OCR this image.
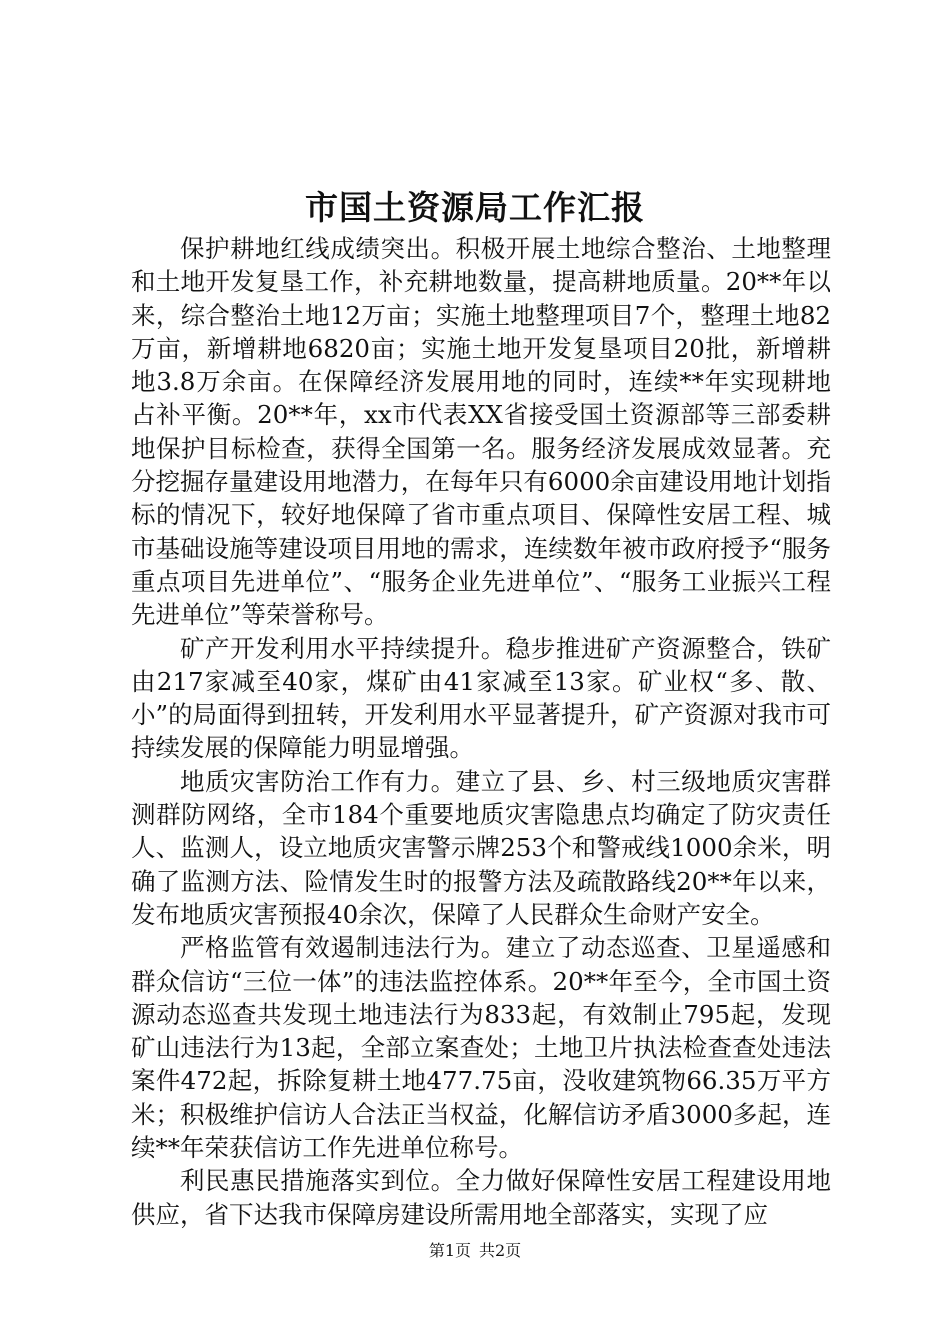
市国土资源局工作汇报

保护耕地红线成绩突出。积极开展土地综合整治、土地整理和土地开发复垦工作，补充耕地数量，提高耕地质量。20**年以来，综合整治土地12万亩；实施土地整理项目7个，整理土地82万亩，新增耕地6820亩；实施土地开发复垦项目20批，新增耕地3.8万余亩。在保障经济发展用地的同时，连续**年实现耕地占补平衡。20**年，xx市代表XX省接受国土资源部等三部委耕地保护目标检查，获得全国第一名。服务经济发展成效显著。充分挖掘存量建设用地潜力，在每年只有6000余亩建设用地计划指标的情况下，较好地保障了省市重点项目、保障性安居工程、城市基础设施等建设项目用地的需求，连续数年被市政府授予“服务重点项目先进单位”、“服务企业先进单位”、“服务工业振兴工程先进单位”等荣誉称号。

矿产开发利用水平持续提升。稳步推进矿产资源整合，铁矿由217家减至40家，煤矿由41家减至13家。矿业权“多、散、小”的局面得到扭转，开发利用水平显著提升，矿产资源对我市可持续发展的保障能力明显增强。

地质灾害防治工作有力。建立了县、乡、村三级地质灾害群测群防网络，全市184个重要地质灾害隐患点均确定了防灾责任人、监测人，设立地质灾害警示牌253个和警戒线1000余米，明确了监测方法、险情发生时的报警方法及疏散路线20**年以来，发布地质灾害预报40余次，保障了人民群众生命财产安全。

严格监管有效遏制违法行为。建立了动态巡查、卫星遥感和群众信访“三位一体”的违法监控体系。20**年至今，全市国土资源动态巡查共发现土地违法行为833起，有效制止795起，发现矿山违法行为13起，全部立案查处；土地卫片执法检查查处违法案件472起，拆除复耕土地477.75亩，没收建筑物66.35万平方米；积极维护信访人合法正当权益，化解信访矛盾3000多起，连续**年荣获信访工作先进单位称号。

利民惠民措施落实到位。全力做好保障性安居工程建设用地供应，省下达我市保障房建设所需用地全部落实，实现了应

第1页 共2页
